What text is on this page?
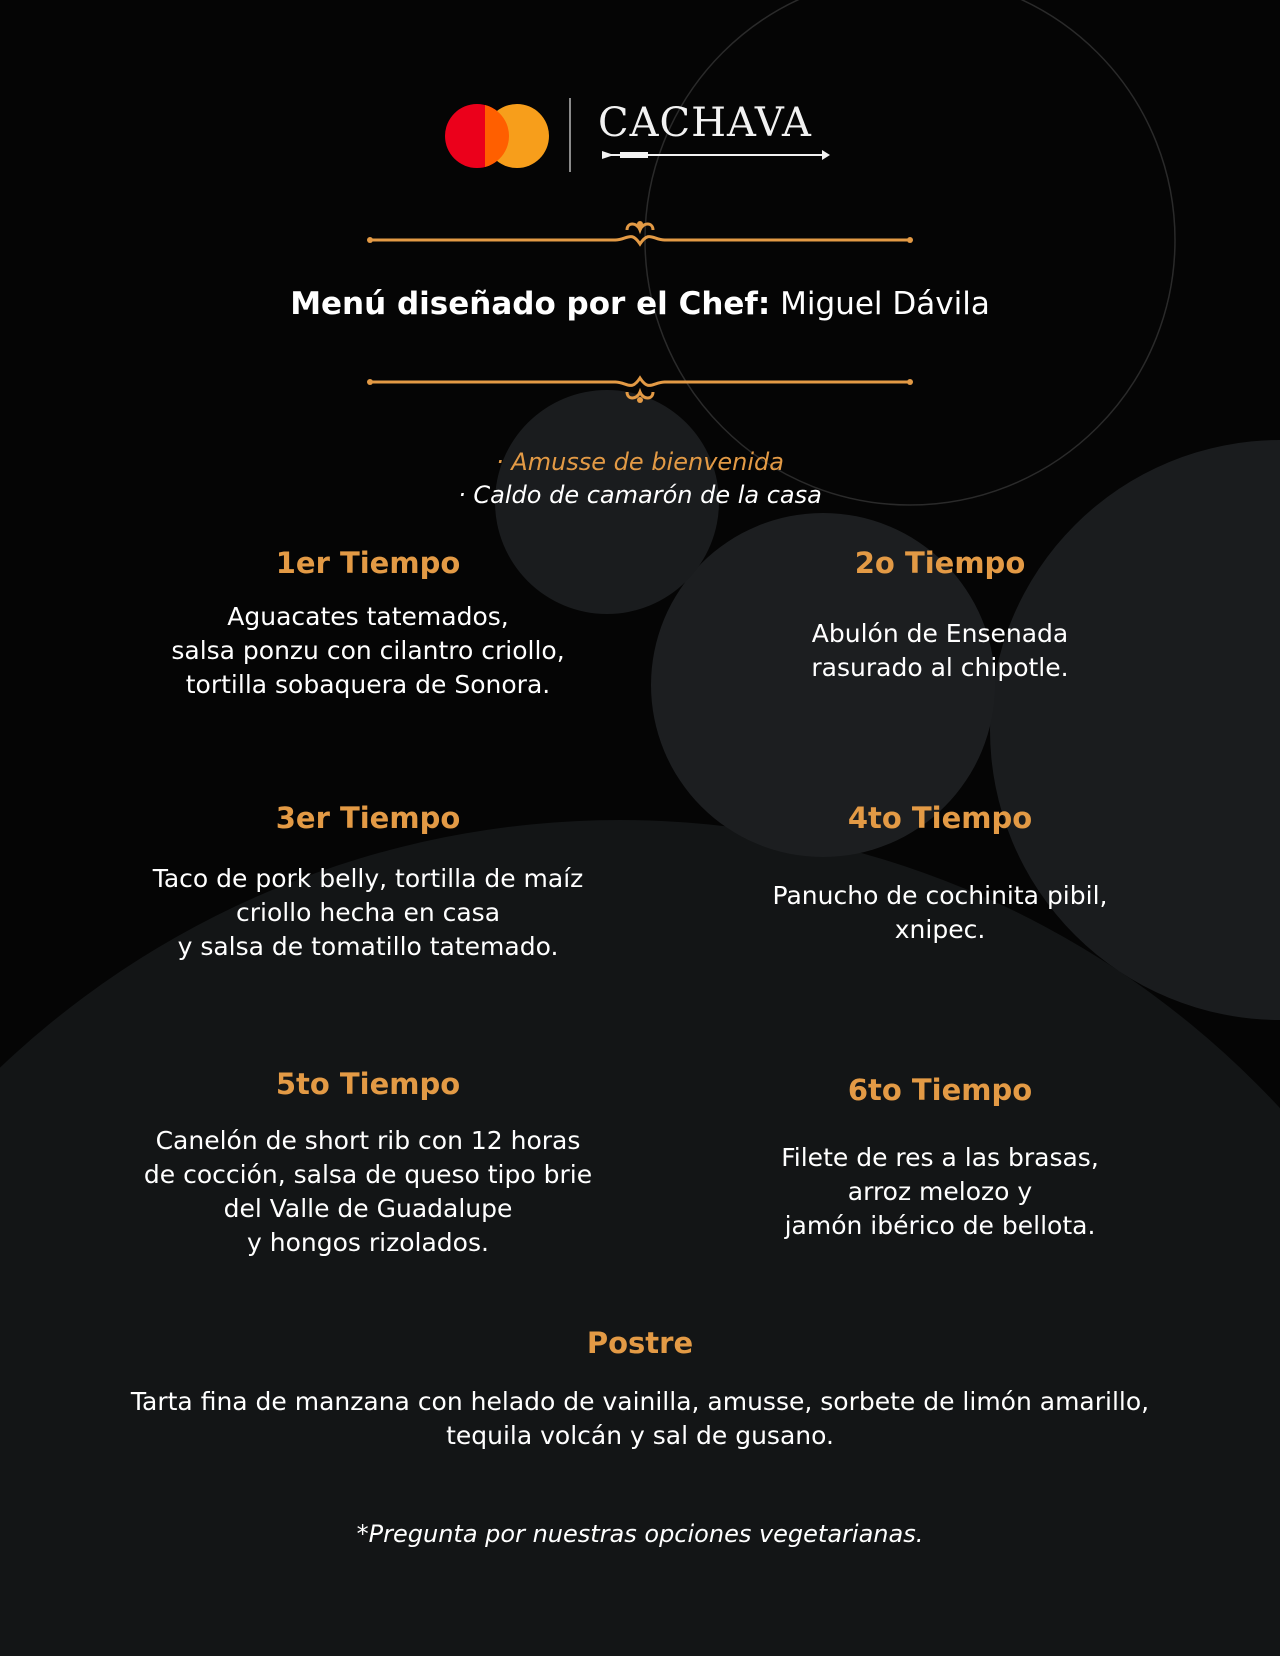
CACHAVA
Menú diseñado por el Chef: Miguel Dávila
· Amusse de bienvenida
· Caldo de camarón de la casa
1er Tiempo
Aguacates tatemados,
salsa ponzu con cilantro criollo,
tortilla sobaquera de Sonora.
2o Tiempo
Abulón de Ensenada
rasurado al chipotle.
3er Tiempo
Taco de pork belly, tortilla de maíz
criollo hecha en casa
y salsa de tomatillo tatemado.
4to Tiempo
Panucho de cochinita pibil,
xnipec.
5to Tiempo
Canelón de short rib con 12 horas
de cocción, salsa de queso tipo brie
del Valle de Guadalupe
y hongos rizolados.
6to Tiempo
Filete de res a las brasas,
arroz melozo y
jamón ibérico de bellota.
Postre
Tarta fina de manzana con helado de vainilla, amusse, sorbete de limón amarillo,
tequila volcán y sal de gusano.
*Pregunta por nuestras opciones vegetarianas.
